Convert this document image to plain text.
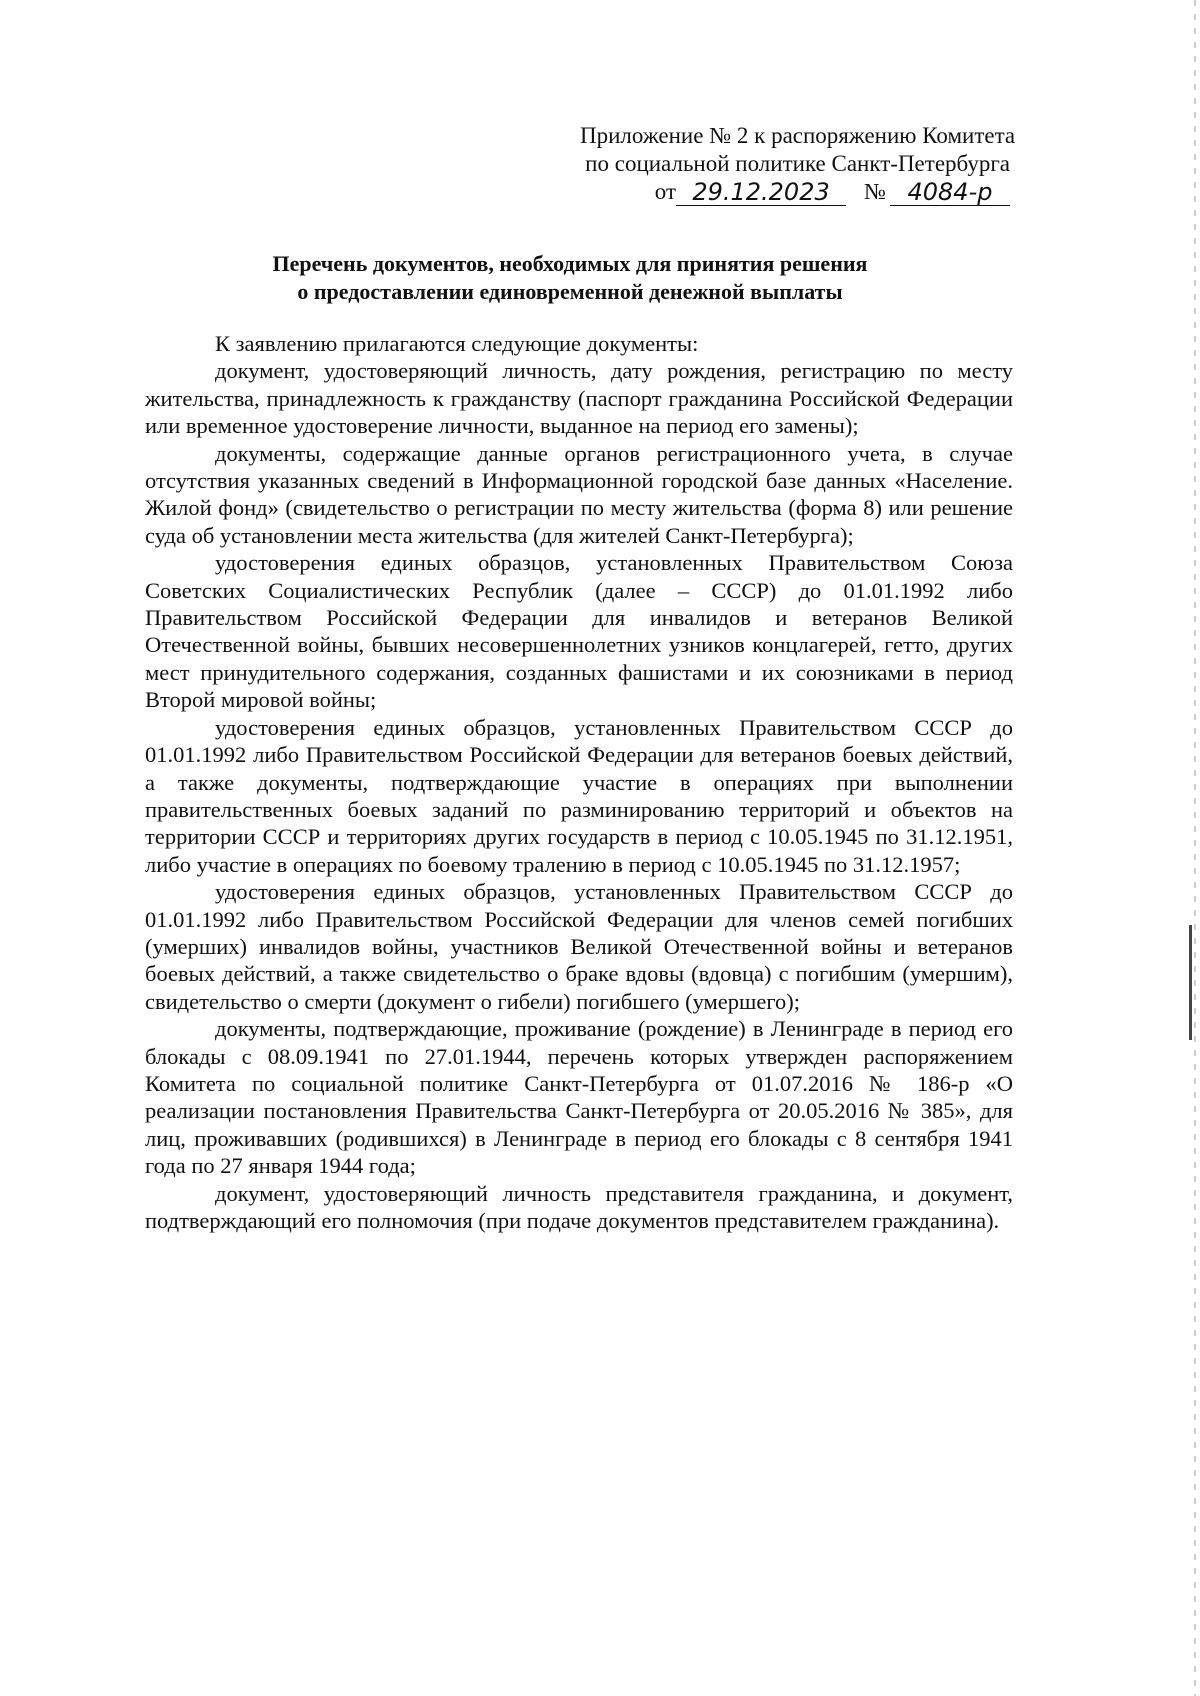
Приложение № 2 к распоряжению Комитета
по социальной политике Санкт-Петербурга
от 29.12.2023	№ 4084-р
Перечень документов, необходимых для принятия решения
о предоставлении единовременной денежной выплаты

К заявлению прилагаются следующие документы:

документ, удостоверяющий личность, дату рождения, регистрацию по месту жительства, принадлежность к гражданству (паспорт гражданина Российской Федерации или временное удостоверение личности, выданное на период его замены);

документы, содержащие данные органов регистрационного учета, в случае отсутствия указанных сведений в Информационной городской базе данных «Население. Жилой фонд» (свидетельство о регистрации по месту жительства (форма 8) или решение суда об установлении места жительства (для жителей Санкт-Петербурга);

удостоверения единых образцов, установленных Правительством Союза Советских Социалистических Республик (далее – СССР) до 01.01.1992 либо Правительством Российской Федерации для инвалидов и ветеранов Великой Отечественной войны, бывших несовершеннолетних узников концлагерей, гетто, других мест принудительного содержания, созданных фашистами и их союзниками в период Второй мировой войны;

удостоверения единых образцов, установленных Правительством СССР до 01.01.1992 либо Правительством Российской Федерации для ветеранов боевых действий, а также документы, подтверждающие участие в операциях при выполнении правительственных боевых заданий по разминированию территорий и объектов на территории СССР и территориях других государств в период с 10.05.1945 по 31.12.1951, либо участие в операциях по боевому тралению в период с 10.05.1945 по 31.12.1957;

удостоверения единых образцов, установленных Правительством СССР до 01.01.1992 либо Правительством Российской Федерации для членов семей погибших (умерших) инвалидов войны, участников Великой Отечественной войны и ветеранов боевых действий, а также свидетельство о браке вдовы (вдовца) с погибшим (умершим), свидетельство о смерти (документ о гибели) погибшего (умершего);

документы, подтверждающие, проживание (рождение) в Ленинграде в период его блокады с 08.09.1941 по 27.01.1944, перечень которых утвержден распоряжением Комитета по социальной политике Санкт-Петербурга от 01.07.2016 № 186-р «О реализации постановления Правительства Санкт-Петербурга от 20.05.2016 № 385», для лиц, проживавших (родившихся) в Ленинграде в период его блокады с 8 сентября 1941 года по 27 января 1944 года;

документ, удостоверяющий личность представителя гражданина, и документ, подтверждающий его полномочия (при подаче документов представителем гражданина).
